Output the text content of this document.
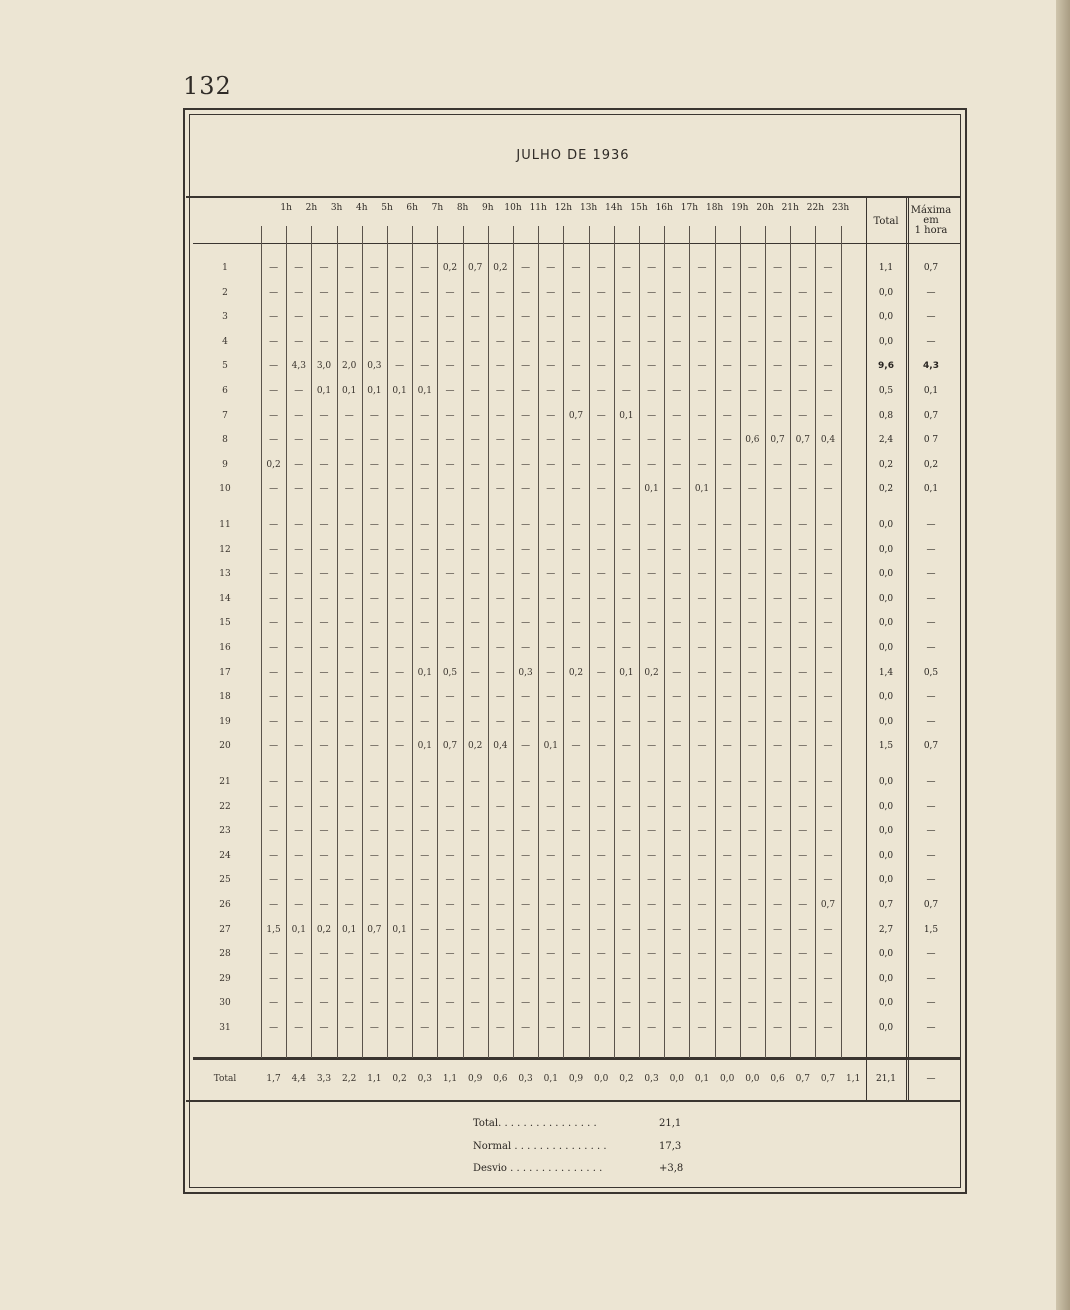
132
JULHO DE 1936
1h	2h	3h	4h	5h	6h	7h	8h	9h	10h 11h 12h 13h 14h 15h 16h 17h 18h 19h 20h 21h 22h 23h
Total
Máxima
em
1 hora
1	—	—	—	—	—	—	—	0,2	0,7	0,2	—	—	—	—	—	—	—	—	—	—	—	—	—	1,1	0,7
2	—	—	—	—	—	—	—	—	—	—	—	—	—	—	—	—	—	—	—	—	—	—	—	0,0	—
3	—	—	—	—	—	—	—	—	—	—	—	—	—	—	—	—	—	—	—	—	—	—	—	0,0	—
4	—	—	—	—	—	—	—	—	—	—	—	—	—	—	—	—	—	—	—	—	—	—	—	0,0	—
5	—	4,3	3,0	2,0	0,3	—	—	—	—	—	—	—	—	—	—	—	—	—	—	—	—	—	—	9,6	4,3
6	—	—	0,1	0,1	0,1	0,1	0,1	—	—	—	—	—	—	—	—	—	—	—	—	—	—	—	—	0,5	0,1
7	—	—	—	—	—	—	—	—	—	—	—	—	0,7	—	0,1	—	—	—	—	—	—	—	—	0,8	0,7
8	—	—	—	—	—	—	—	—	—	—	—	—	—	—	—	—	—	—	—	0,6	0,7	0,7	0,4	2,4	0 7
9	0,2	—	—	—	—	—	—	—	—	—	—	—	—	—	—	—	—	—	—	—	—	—	—	0,2	0,2
10	—	—	—	—	—	—	—	—	—	—	—	—	—	—	—	0,1	—	0,1	—	—	—	—	—	0,2	0,1
11	—	—	—	—	—	—	—	—	—	—	—	—	—	—	—	—	—	—	—	—	—	—	—	0,0	—
12	—	—	—	—	—	—	—	—	—	—	—	—	—	—	—	—	—	—	—	—	—	—	—	0,0	—
13	—	—	—	—	—	—	—	—	—	—	—	—	—	—	—	—	—	—	—	—	—	—	—	0,0	—
14	—	—	—	—	—	—	—	—	—	—	—	—	—	—	—	—	—	—	—	—	—	—	—	0,0	—
15	—	—	—	—	—	—	—	—	—	—	—	—	—	—	—	—	—	—	—	—	—	—	—	0,0	—
16	—	—	—	—	—	—	—	—	—	—	—	—	—	—	—	—	—	—	—	—	—	—	—	0,0	—
17	—	—	—	—	—	—	0,1	0,5	—	—	0,3	—	0,2	—	0,1	0,2	—	—	—	—	—	—	—	1,4	0,5
18	—	—	—	—	—	—	—	—	—	—	—	—	—	—	—	—	—	—	—	—	—	—	—	0,0	—
19	—	—	—	—	—	—	—	—	—	—	—	—	—	—	—	—	—	—	—	—	—	—	—	0,0	—
20	—	—	—	—	—	—	0,1	0,7	0,2	0,4	—	0,1	—	—	—	—	—	—	—	—	—	—	—	1,5	0,7
21	—	—	—	—	—	—	—	—	—	—	—	—	—	—	—	—	—	—	—	—	—	—	—	0,0	—
22	—	—	—	—	—	—	—	—	—	—	—	—	—	—	—	—	—	—	—	—	—	—	—	0,0	—
23	—	—	—	—	—	—	—	—	—	—	—	—	—	—	—	—	—	—	—	—	—	—	—	0,0	—
24	—	—	—	—	—	—	—	—	—	—	—	—	—	—	—	—	—	—	—	—	—	—	—	0,0	—
25	—	—	—	—	—	—	—	—	—	—	—	—	—	—	—	—	—	—	—	—	—	—	—	0,0	—
26	—	—	—	—	—	—	—	—	—	—	—	—	—	—	—	—	—	—	—	—	—	—	0,7	0,7	0,7
27	1,5	0,1	0,2	0,1	0,7	0,1	—	—	—	—	—	—	—	—	—	—	—	—	—	—	—	—	—	2,7	1,5
28	—	—	—	—	—	—	—	—	—	—	—	—	—	—	—	—	—	—	—	—	—	—	—	0,0	—
29	—	—	—	—	—	—	—	—	—	—	—	—	—	—	—	—	—	—	—	—	—	—	—	0,0	—
30	—	—	—	—	—	—	—	—	—	—	—	—	—	—	—	—	—	—	—	—	—	—	—	0,0	—
31	—	—	—	—	—	—	—	—	—	—	—	—	—	—	—	—	—	—	—	—	—	—	—	0,0	—
Total	1,7	4,4	3,3	2,2	1,1	0,2	0,3	1,1	0,9	0,6	0,3	0,1	0,9	0,0	0,2	0,3	0,0	0,1	0,0	0,0	0,6	0,7	0,7	1,1	21,1	—
Total. . . . . . . . . . . . . . . .	21,1
Normal . . . . . . . . . . . . . . .	17,3
Desvio . . . . . . . . . . . . . . .	+3,8
